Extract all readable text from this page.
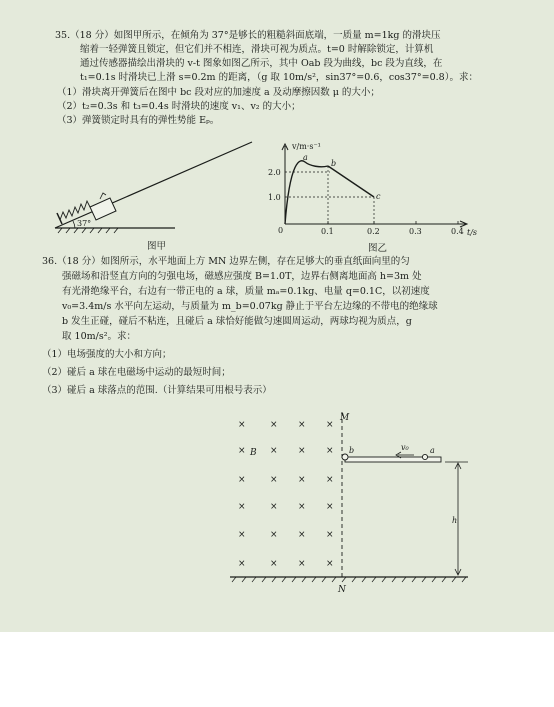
35.（18 分）如图甲所示，在倾角为 37°是够长的粗糙斜面底端，一质量 m=1kg 的滑块压
缩着一轻弹簧且锁定，但它们并不相连，滑块可视为质点。t=0 时解除锁定，计算机
通过传感器描绘出滑块的 v-t 图象如图乙所示，其中 Oab 段为曲线，bc 段为直线，在
t₁=0.1s 时滑块已上滑 s=0.2m 的距离，（g 取 10m/s²，sin37°=0.6，cos37°=0.8）。求：
（1）滑块离开弹簧后在图中 bc 段对应的加速度 a 及动摩擦因数 μ 的大小；
（2）t₂=0.3s 和 t₃=0.4s 时滑块的速度 v₁、v₂ 的大小；
（3）弹簧锁定时具有的弹性势能 Eₚ。
37°
图甲
v/m·s⁻¹
t/s
0
1.0
2.0
0.1	0.2	0.3	0.4
a
b
c
图乙
36.（18 分）如图所示，水平地面上方 MN 边界左侧，存在足够大的垂直纸面向里的匀
强磁场和沿竖直方向的匀强电场，磁感应强度 B=1.0T，边界右侧离地面高 h=3m 处
有光滑绝缘平台，右边有一带正电的 a 球，质量 mₐ=0.1kg、电量 q=0.1C，以初速度
v₀=3.4m/s 水平向左运动，与质量为 m_b=0.07kg 静止于平台左边缘的不带电的绝缘球
b 发生正碰，碰后不粘连，且碰后 a 球恰好能做匀速圆周运动，两球均视为质点，g
取 10m/s²。求：
（1）电场强度的大小和方向；
（2）碰后 a 球在电磁场中运动的最短时间；
（3）碰后 a 球落点的范围.（计算结果可用根号表示）
×	× × ×
×	× × ×
×	× × ×
×	× × ×
×	× × ×
×	× × ×
M
N
b	a
v₀
h
B
